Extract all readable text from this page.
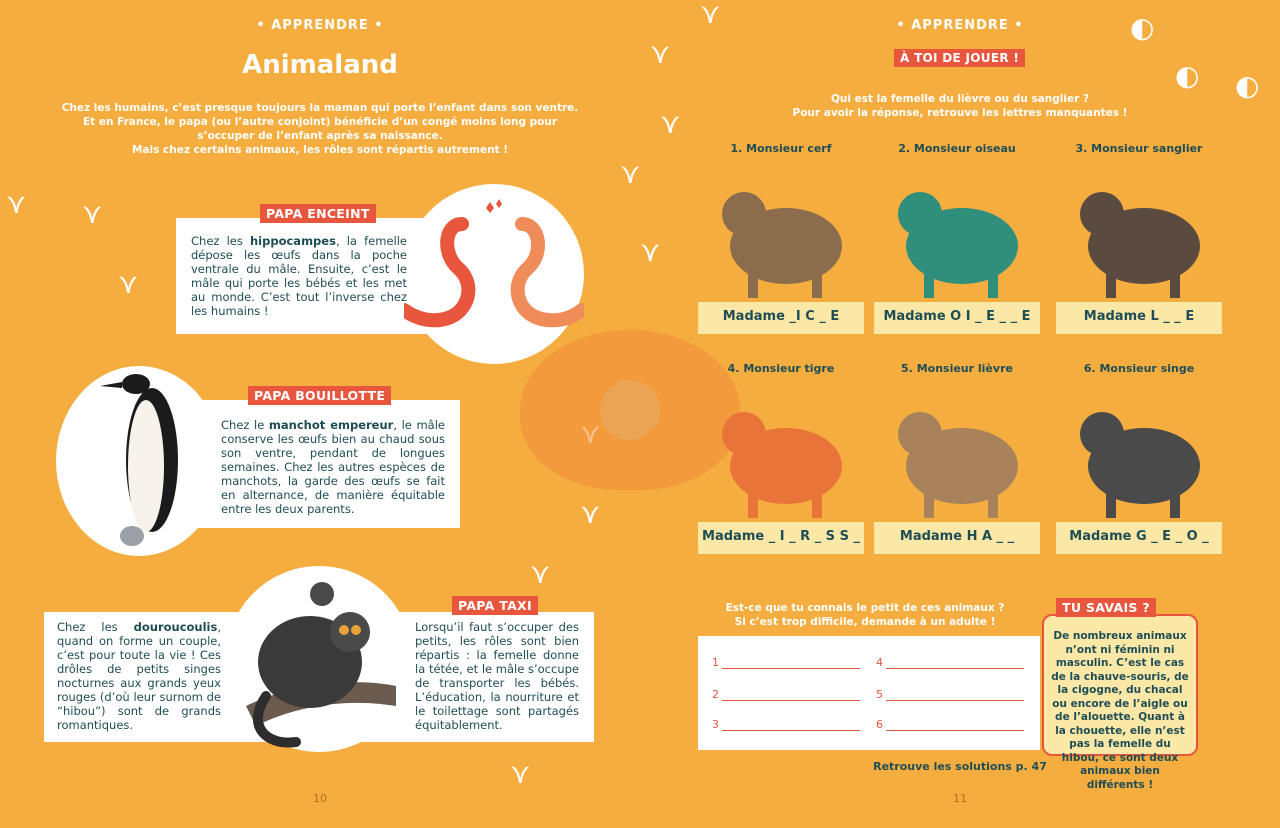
⋎ ⋎
⋎
⋎
⋎
⋎
⋎
⋎
⋎
⋎
⋎	◐
◐ ◐
• APPRENDRE •
Animaland
Chez les humains, c’est presque toujours la maman qui porte l’enfant dans son ventre.
Et en France, le papa (ou l’autre conjoint) bénéficie d’un congé moins long pour
s’occuper de l’enfant après sa naissance.
Mais chez certains animaux, les rôles sont répartis autrement !
PAPA ENCEINT
Chez les hippocampes, la femelle dépose les œufs dans la poche ventrale du mâle. Ensuite, c’est le mâle qui porte les bébés et les met au monde. C’est tout l’inverse chez les humains !
PAPA BOUILLOTTE
Chez le manchot empereur, le mâle conserve les œufs bien au chaud sous son ventre, pendant de longues semaines. Chez les autres espèces de manchots, la garde des œufs se fait en alternance, de manière équitable entre les deux parents.
PAPA TAXI
Chez les douroucoulis, quand on forme un couple, c’est pour toute la vie ! Ces drôles de petits singes nocturnes aux grands yeux rouges (d’où leur surnom de “hibou”) sont de grands romantiques.
Lorsqu’il faut s’occuper des petits, les rôles sont bien répartis : la femelle donne la tétée, et le mâle s’occupe de transporter les bébés. L’éducation, la nourriture et le toilettage sont partagés équitablement.
10
• APPRENDRE •
À TOI DE JOUER !
Qui est la femelle du lièvre ou du sanglier ?
Pour avoir la réponse, retrouve les lettres manquantes !
1. Monsieur cerf
Madame _I C _ E
2. Monsieur oiseau
Madame O I _ E _ _ E
3. Monsieur sanglier
Madame L _ _ E
4. Monsieur tigre
Madame _ I _ R _ S S _
5. Monsieur lièvre
Madame H A _ _
6. Monsieur singe
Madame G _ E _ O _
Est-ce que tu connais le petit de ces animaux ?
Si c’est trop difficile, demande à un adulte !
1
2
3
4
5
6
De nombreux animaux n’ont ni féminin ni masculin. C’est le cas de la chauve-souris, de la cigogne, du chacal ou encore de l’aigle ou de l’alouette. Quant à la chouette, elle n’est pas la femelle du hibou, ce sont deux animaux bien différents !
TU SAVAIS ?
Retrouve les solutions p. 47
11
